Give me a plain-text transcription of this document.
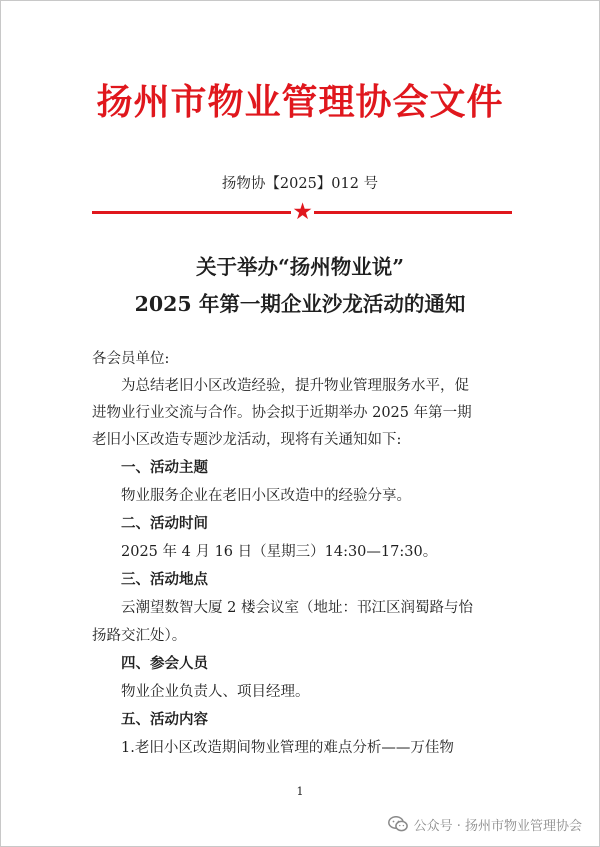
扬州市物业管理协会文件
扬物协【2025】012 号
★
关于举办“扬州物业说”
2025 年第一期企业沙龙活动的通知
各会员单位:
为总结老旧小区改造经验，提升物业管理服务水平，促
进物业行业交流与合作。协会拟于近期举办 2025 年第一期
老旧小区改造专题沙龙活动，现将有关通知如下:
一、活动主题
物业服务企业在老旧小区改造中的经验分享。
二、活动时间
2025 年 4 月 16 日（星期三）14:30—17:30。
三、活动地点
云潮望数智大厦 2 楼会议室（地址：邗江区润蜀路与怡
扬路交汇处）。
四、参会人员
物业企业负责人、项目经理。
五、活动内容
1.老旧小区改造期间物业管理的难点分析——万佳物
1
公众号 · 扬州市物业管理协会
